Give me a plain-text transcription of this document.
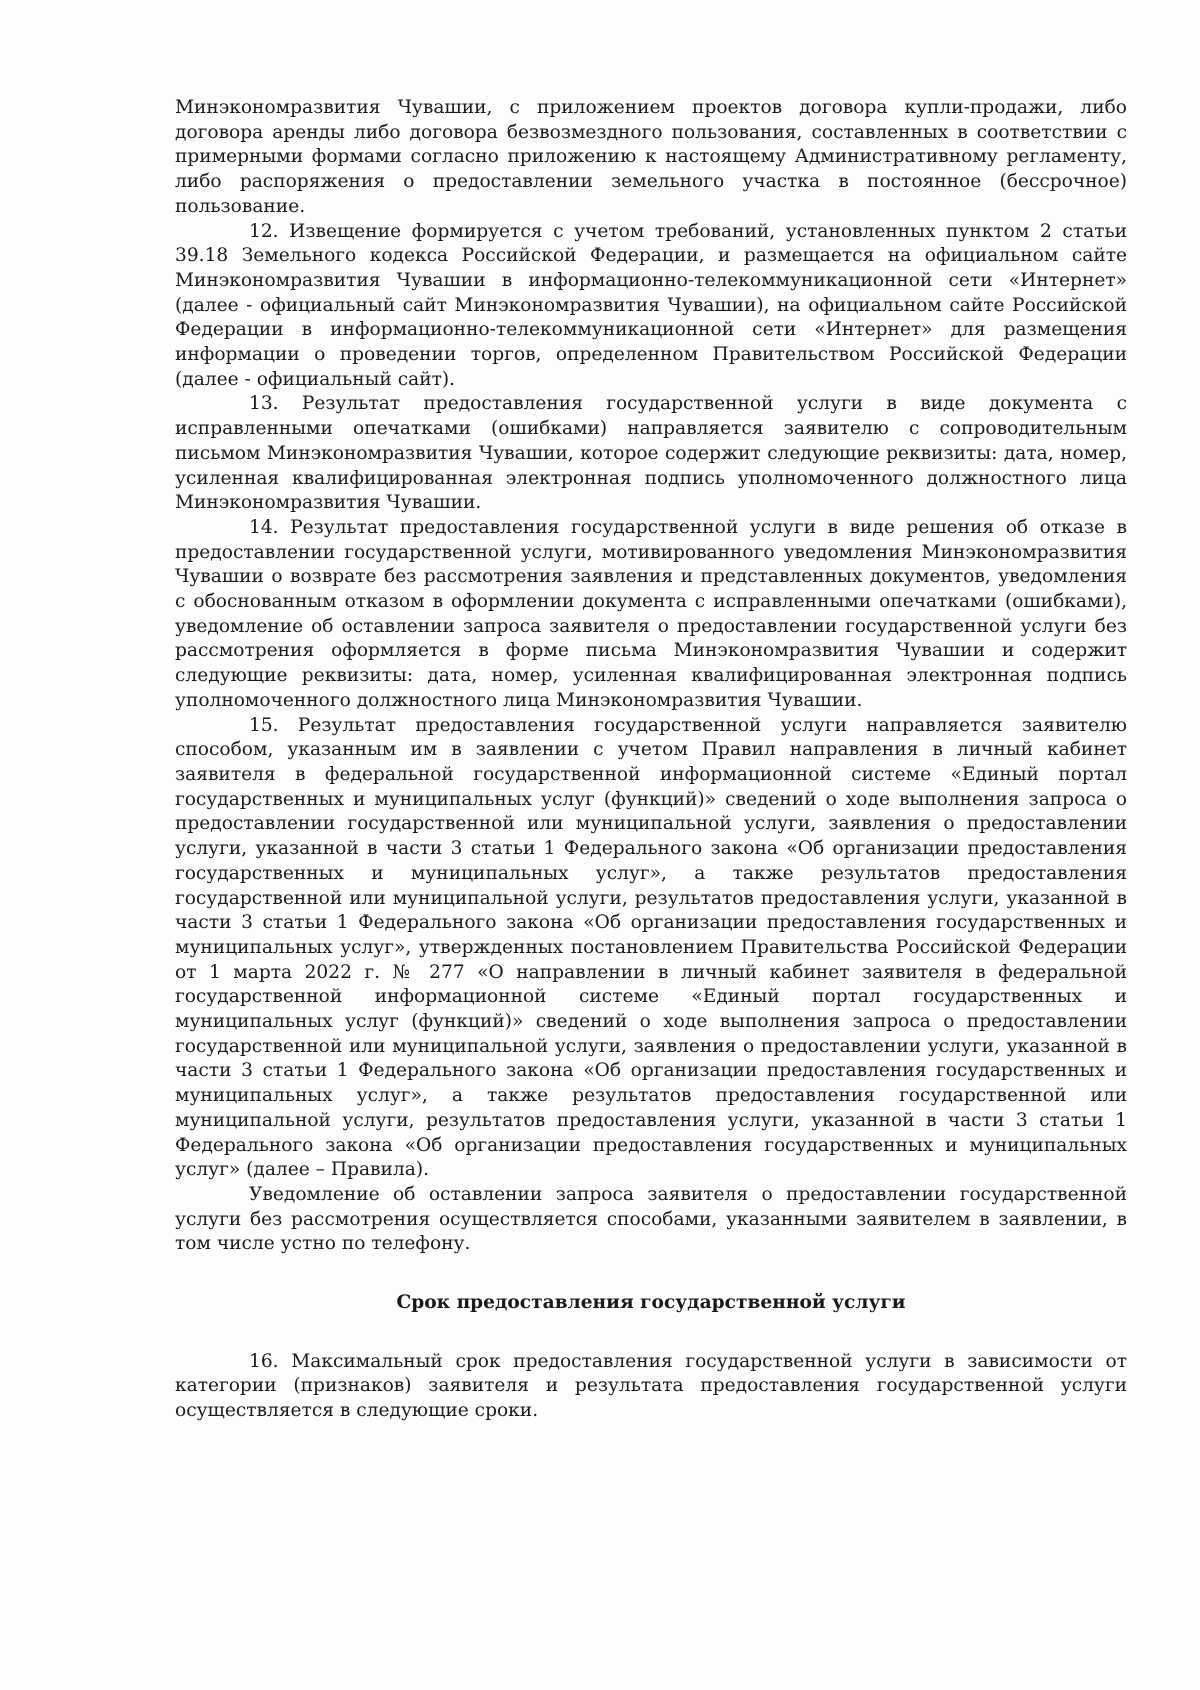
Минэкономразвития Чувашии, с приложением проектов договора купли-продажи, либо договора аренды либо договора безвозмездного пользования, составленных в соответствии с примерными формами согласно приложению к настоящему Административному регламенту, либо распоряжения о предоставлении земельного участка в постоянное (бессрочное) пользование.

12. Извещение формируется с учетом требований, установленных пунктом 2 статьи 39.18 Земельного кодекса Российской Федерации, и размещается на официальном сайте Минэкономразвития Чувашии в информационно-телекоммуникационной сети «Интернет» (далее - официальный сайт Минэкономразвития Чувашии), на официальном сайте Российской Федерации в информационно-телекоммуникационной сети «Интернет» для размещения информации о проведении торгов, определенном Правительством Российской Федерации (далее - официальный сайт).

13. Результат предоставления государственной услуги в виде документа с исправленными опечатками (ошибками) направляется заявителю с сопроводительным письмом Минэкономразвития Чувашии, которое содержит следующие реквизиты: дата, номер, усиленная квалифицированная электронная подпись уполномоченного должностного лица Минэкономразвития Чувашии.

14. Результат предоставления государственной услуги в виде решения об отказе в предоставлении государственной услуги, мотивированного уведомления Минэкономразвития Чувашии о возврате без рассмотрения заявления и представленных документов, уведомления с обоснованным отказом в оформлении документа с исправленными опечатками (ошибками), уведомление об оставлении запроса заявителя о предоставлении государственной услуги без рассмотрения оформляется в форме письма Минэкономразвития Чувашии и содержит следующие реквизиты: дата, номер, усиленная квалифицированная электронная подпись уполномоченного должностного лица Минэкономразвития Чувашии.

15. Результат предоставления государственной услуги направляется заявителю способом, указанным им в заявлении с учетом Правил направления в личный кабинет заявителя в федеральной государственной информационной системе «Единый портал государственных и муниципальных услуг (функций)» сведений о ходе выполнения запроса о предоставлении государственной или муниципальной услуги, заявления о предоставлении услуги, указанной в части 3 статьи 1 Федерального закона «Об организации предоставления государственных и муниципальных услуг», а также результатов предоставления государственной или муниципальной услуги, результатов предоставления услуги, указанной в части 3 статьи 1 Федерального закона «Об организации предоставления государственных и муниципальных услуг», утвержденных постановлением Правительства Российской Федерации от 1 марта 2022 г. № 277 «О направлении в личный кабинет заявителя в федеральной государственной информационной системе «Единый портал государственных и муниципальных услуг (функций)» сведений о ходе выполнения запроса о предоставлении государственной или муниципальной услуги, заявления о предоставлении услуги, указанной в части 3 статьи 1 Федерального закона «Об организации предоставления государственных и муниципальных услуг», а также результатов предоставления государственной или муниципальной услуги, результатов предоставления услуги, указанной в части 3 статьи 1 Федерального закона «Об организации предоставления государственных и муниципальных услуг» (далее – Правила).

Уведомление об оставлении запроса заявителя о предоставлении государственной услуги без рассмотрения осуществляется способами, указанными заявителем в заявлении, в том числе устно по телефону.

Срок предоставления государственной услуги

16. Максимальный срок предоставления государственной услуги в зависимости от категории (признаков) заявителя и результата предоставления государственной услуги осуществляется в следующие сроки.
